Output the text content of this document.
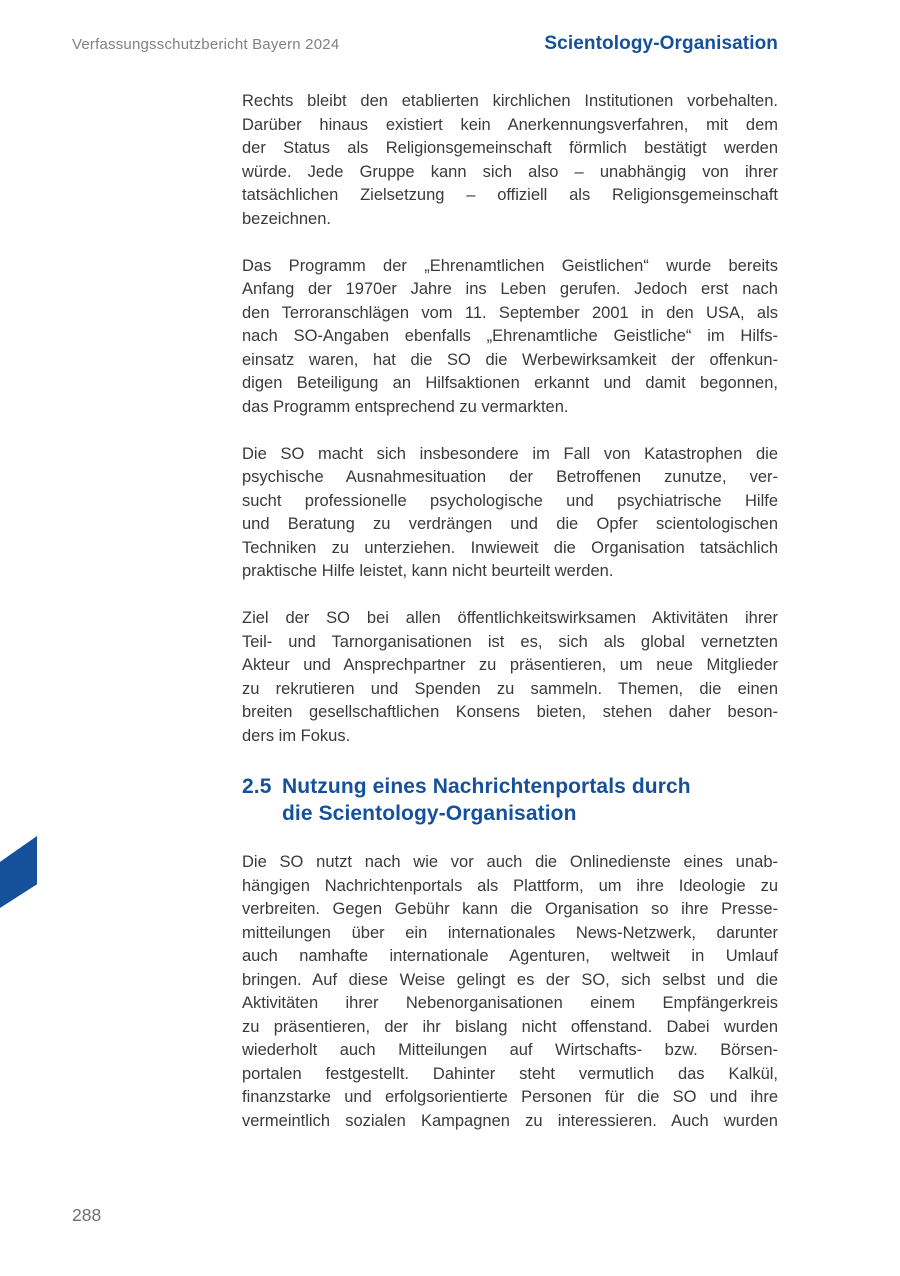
Verfassungsschutzbericht Bayern 2024	Scientology-Organisation
Rechts bleibt den etablierten kirchlichen Institutionen vorbehalten.
Darüber hinaus existiert kein Anerkennungsverfahren, mit dem
der Status als Religionsgemeinschaft förmlich bestätigt werden
würde. Jede Gruppe kann sich also – unabhängig von ihrer
tatsächlichen Zielsetzung – offiziell als Religionsgemeinschaft
bezeichnen.
Das Programm der „Ehrenamtlichen Geistlichen“ wurde bereits
Anfang der 1970er Jahre ins Leben gerufen. Jedoch erst nach
den Terroranschlägen vom 11. September 2001 in den USA, als
nach SO-Angaben ebenfalls „Ehrenamtliche Geistliche“ im Hilfs-
einsatz waren, hat die SO die Werbewirksamkeit der offenkun-
digen Beteiligung an Hilfsaktionen erkannt und damit begonnen,
das Programm entsprechend zu vermarkten.
Die SO macht sich insbesondere im Fall von Katastrophen die
psychische Ausnahmesituation der Betroffenen zunutze, ver-
sucht professionelle psychologische und psychiatrische Hilfe
und Beratung zu verdrängen und die Opfer scientologischen
Techniken zu unterziehen. Inwieweit die Organisation tatsächlich
praktische Hilfe leistet, kann nicht beurteilt werden.
Ziel der SO bei allen öffentlichkeitswirksamen Aktivitäten ihrer
Teil- und Tarnorganisationen ist es, sich als global vernetzten
Akteur und Ansprechpartner zu präsentieren, um neue Mitglieder
zu rekrutieren und Spenden zu sammeln. Themen, die einen
breiten gesellschaftlichen Konsens bieten, stehen daher beson-
ders im Fokus.
2.5 Nutzung eines Nachrichtenportals durch
die Scientology-Organisation
Die SO nutzt nach wie vor auch die Onlinedienste eines unab-
hängigen Nachrichtenportals als Plattform, um ihre Ideologie zu
verbreiten. Gegen Gebühr kann die Organisation so ihre Presse-
mitteilungen über ein internationales News-Netzwerk, darunter
auch namhafte internationale Agenturen, weltweit in Umlauf
bringen. Auf diese Weise gelingt es der SO, sich selbst und die
Aktivitäten ihrer Nebenorganisationen einem Empfängerkreis
zu präsentieren, der ihr bislang nicht offenstand. Dabei wurden
wiederholt auch Mitteilungen auf Wirtschafts- bzw. Börsen-
portalen festgestellt. Dahinter steht vermutlich das Kalkül,
finanzstarke und erfolgsorientierte Personen für die SO und ihre
vermeintlich sozialen Kampagnen zu interessieren. Auch wurden
288
